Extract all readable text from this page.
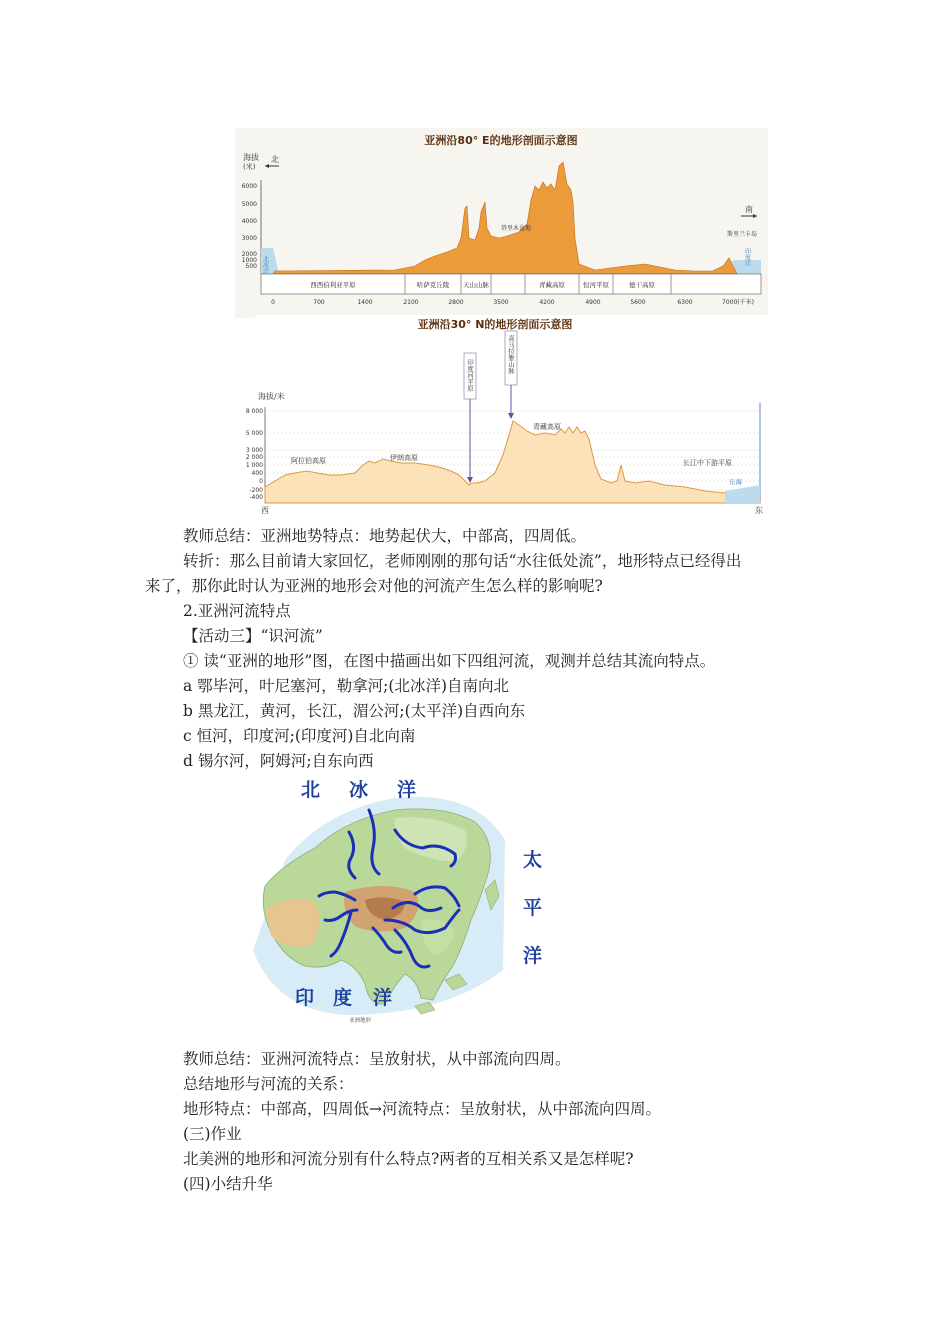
亚洲沿80° E的地形剖面示意图
海拔
(米)
北
南
6000
5000
4000
3000
2000
1000
500 北冰洋	印度洋
塔里木盆地
斯里兰卡岛
西西伯利亚平原	哈萨克丘陵 天山山脉	青藏高原	恒河平原	德干高原
0	700	1400	2100	2800	3500	4200	4900	5600	6300	7000(千米)
亚洲沿30° N的地形剖面示意图
海拔/米
8 000
5 000
3 000
2 000
1 000
400
0
-200
-400
东海
阿拉伯高原	伊朗高原
青藏高原
长江中下游平原
印度河平原
喜马拉雅山脉
西	东
教师总结：亚洲地势特点：地势起伏大，中部高，四周低。
转折：那么目前请大家回忆，老师刚刚的那句话“水往低处流”，地形特点已经得出
来了，那你此时认为亚洲的地形会对他的河流产生怎么样的影响呢?
2.亚洲河流特点
【活动三】“识河流”
① 读“亚洲的地形”图，在图中描画出如下四组河流，观测并总结其流向特点。
a 鄂毕河，叶尼塞河，勒拿河;(北冰洋)自南向北
b 黑龙江，黄河，长江，湄公河;(太平洋)自西向东
c 恒河，印度河;(印度河)自北向南
d 锡尔河，阿姆河;自东向西
北 冰 洋
太
平
洋
印 度 洋
亚洲地形
教师总结：亚洲河流特点：呈放射状，从中部流向四周。
总结地形与河流的关系：
地形特点：中部高，四周低→河流特点：呈放射状，从中部流向四周。
(三)作业
北美洲的地形和河流分别有什么特点?两者的互相关系又是怎样呢?
(四)小结升华
